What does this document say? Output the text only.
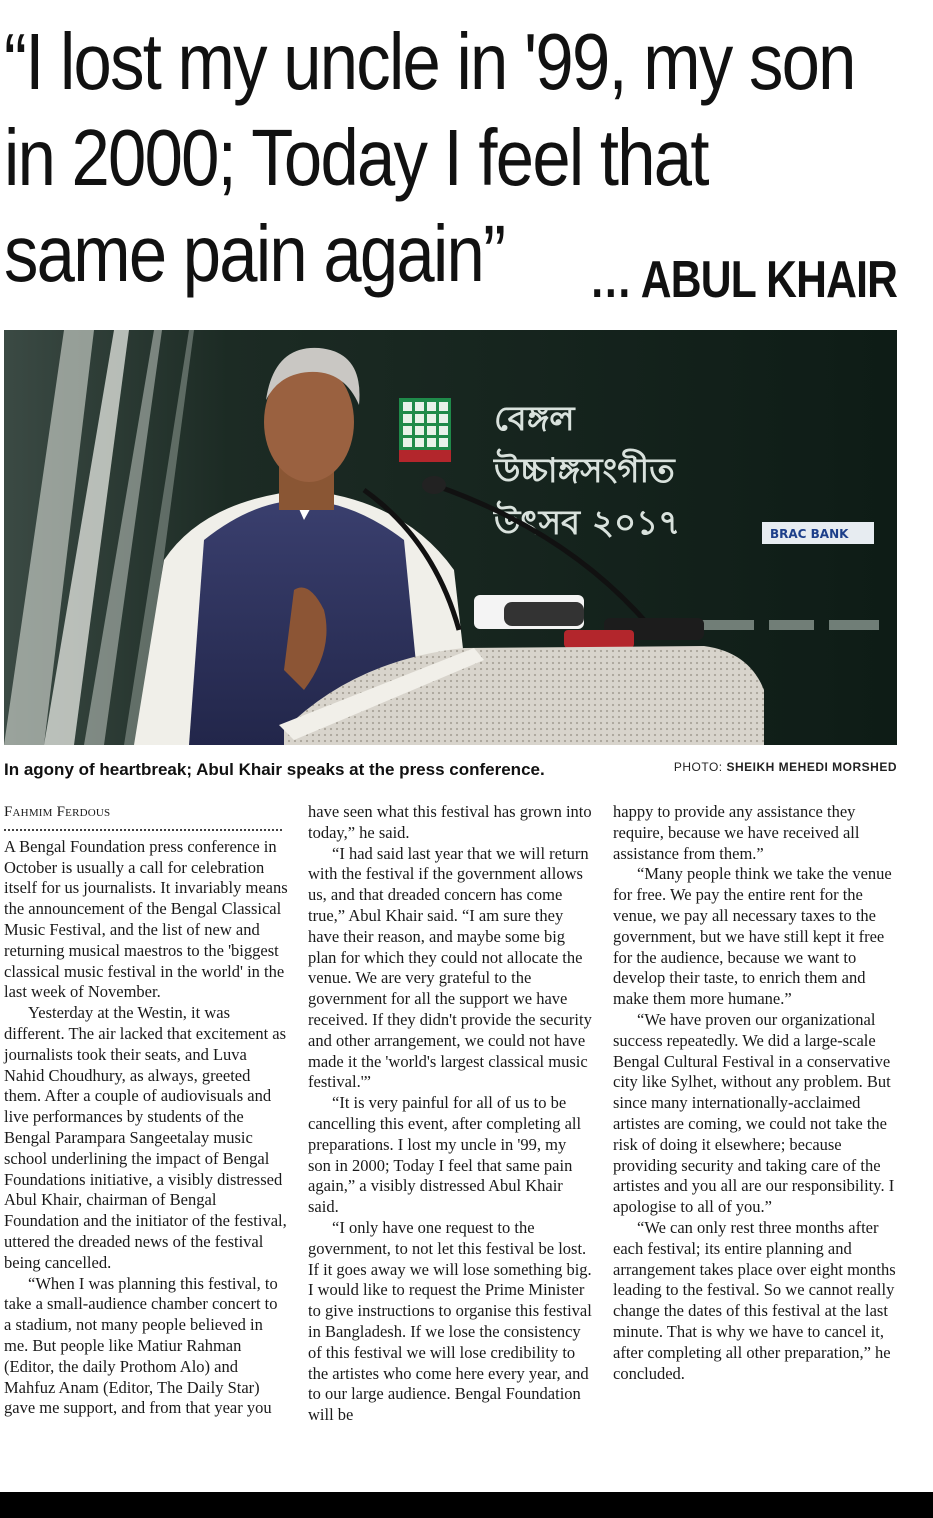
“I lost my uncle in '99, my son
in 2000; Today I feel that
same pain again”	… ABUL KHAIR
বেঙ্গল
উচ্চাঙ্গসংগীত
উৎসব ২০১৭	BRAC BANK
In agony of heartbreak; Abul Khair speaks at the press conference.	PHOTO: SHEIKH MEHEDI MORSHED
Fahmim Ferdous

A Bengal Foundation press conference in October is usually a call for celebration itself for us journalists. It invariably means the announcement of the Bengal Classical Music Festival, and the list of new and returning musical maestros to the 'biggest classical music festival in the world' in the last week of November.

Yesterday at the Westin, it was different. The air lacked that excitement as journalists took their seats, and Luva Nahid Choudhury, as always, greeted them. After a couple of audiovisuals and live performances by students of the Bengal Parampara Sangeetalay music school underlining the impact of Bengal Foundations initiative, a visibly distressed Abul Khair, chairman of Bengal Foundation and the initiator of the festival, uttered the dreaded news of the festival being cancelled.

“When I was planning this festival, to take a small-audience chamber concert to a stadium, not many people believed in me. But people like Matiur Rahman (Editor, the daily Prothom Alo) and Mahfuz Anam (Editor, The Daily Star) gave me support, and from that year you

have seen what this festival has grown into today,” he said.

“I had said last year that we will return with the festival if the government allows us, and that dreaded concern has come true,” Abul Khair said. “I am sure they have their reason, and maybe some big plan for which they could not allocate the venue. We are very grateful to the government for all the support we have received. If they didn't provide the security and other arrangement, we could not have made it the 'world's largest classical music festival.'”

“It is very painful for all of us to be cancelling this event, after completing all preparations. I lost my uncle in '99, my son in 2000; Today I feel that same pain again,” a visibly distressed Abul Khair said.

“I only have one request to the government, to not let this festival be lost. If it goes away we will lose something big. I would like to request the Prime Minister to give instructions to organise this festival in Bangladesh. If we lose the consistency of this festival we will lose credibility to the artistes who come here every year, and to our large audience. Bengal Foundation will be

happy to provide any assistance they require, because we have received all assistance from them.”

“Many people think we take the venue for free. We pay the entire rent for the venue, we pay all necessary taxes to the government, but we have still kept it free for the audience, because we want to develop their taste, to enrich them and make them more humane.”

“We have proven our organizational success repeatedly. We did a large-scale Bengal Cultural Festival in a conservative city like Sylhet, without any problem. But since many internationally-acclaimed artistes are coming, we could not take the risk of doing it elsewhere; because providing security and taking care of the artistes and you all are our responsibility. I apologise to all of you.”

“We can only rest three months after each festival; its entire planning and arrangement takes place over eight months leading to the festival. So we cannot really change the dates of this festival at the last minute. That is why we have to cancel it, after completing all other preparation,” he concluded.
